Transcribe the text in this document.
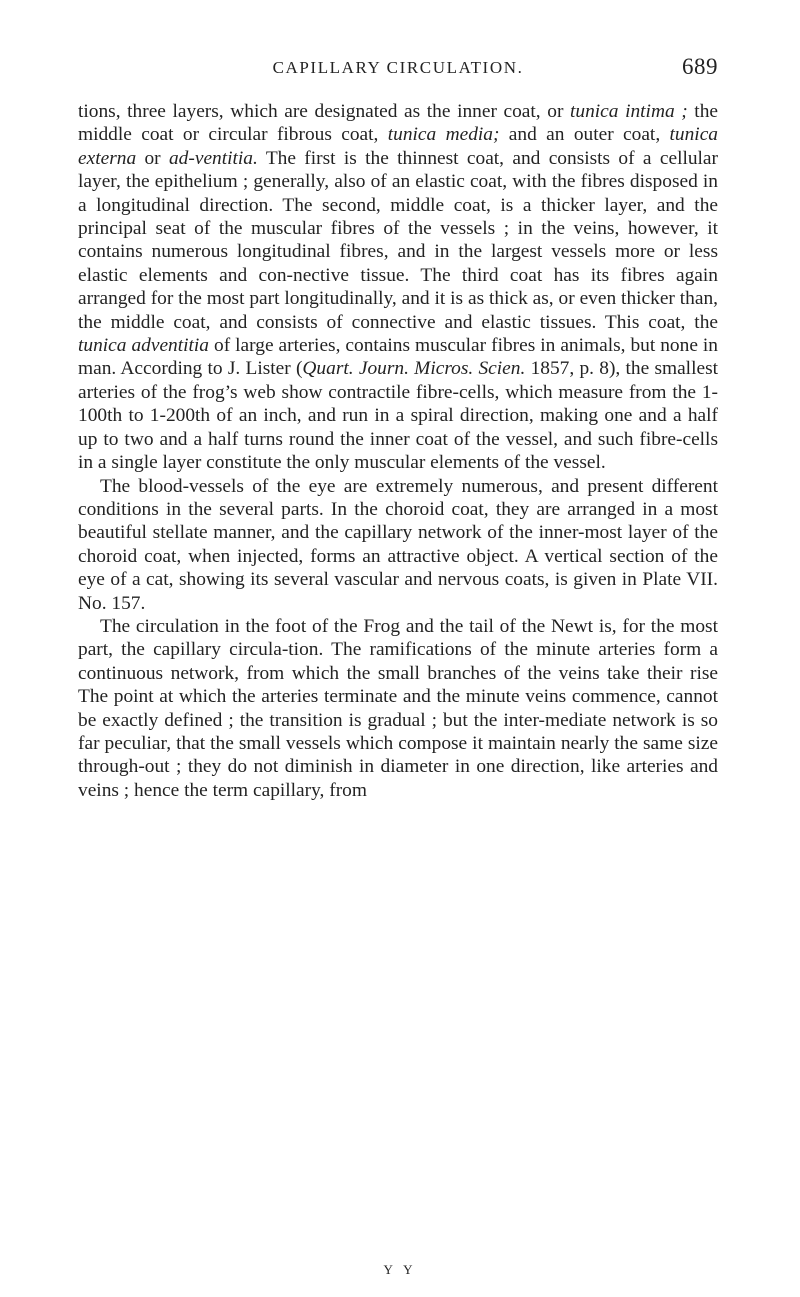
CAPILLARY CIRCULATION.	689

tions, three layers, which are designated as the inner coat, or tunica intima ; the middle coat or circular fibrous coat, tunica media; and an outer coat, tunica externa or ad-ventitia. The first is the thinnest coat, and consists of a cellular layer, the epithelium ; generally, also of an elastic coat, with the fibres disposed in a longitudinal direction. The second, middle coat, is a thicker layer, and the principal seat of the muscular fibres of the vessels ; in the veins, however, it contains numerous longitudinal fibres, and in the largest vessels more or less elastic elements and con-nective tissue. The third coat has its fibres again arranged for the most part longitudinally, and it is as thick as, or even thicker than, the middle coat, and consists of connective and elastic tissues. This coat, the tunica adventitia of large arteries, contains muscular fibres in animals, but none in man. According to J. Lister (Quart. Journ. Micros. Scien. 1857, p. 8), the smallest arteries of the frog’s web show contractile fibre-cells, which measure from the 1-100th to 1-200th of an inch, and run in a spiral direction, making one and a half up to two and a half turns round the inner coat of the vessel, and such fibre-cells in a single layer constitute the only muscular elements of the vessel.

The blood-vessels of the eye are extremely numerous, and present different conditions in the several parts. In the choroid coat, they are arranged in a most beautiful stellate manner, and the capillary network of the inner-most layer of the choroid coat, when injected, forms an attractive object. A vertical section of the eye of a cat, showing its several vascular and nervous coats, is given in Plate VII. No. 157.

The circulation in the foot of the Frog and the tail of the Newt is, for the most part, the capillary circula-tion. The ramifications of the minute arteries form a continuous network, from which the small branches of the veins take their rise The point at which the arteries terminate and the minute veins commence, cannot be exactly defined ; the transition is gradual ; but the inter-mediate network is so far peculiar, that the small vessels which compose it maintain nearly the same size through-out ; they do not diminish in diameter in one direction, like arteries and veins ; hence the term capillary, from

Y Y
